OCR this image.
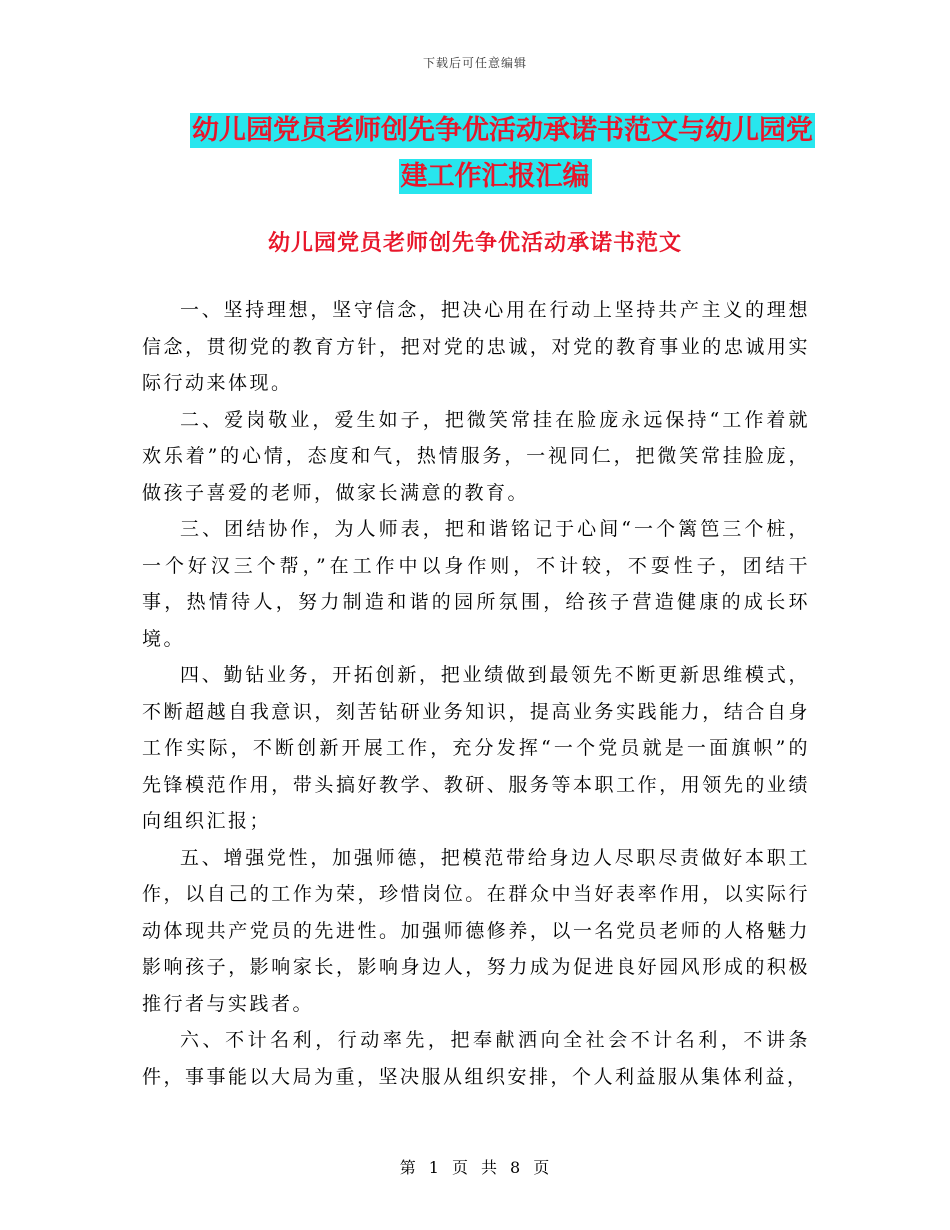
下载后可任意编辑
幼儿园党员老师创先争优活动承诺书范文与幼儿园党
建工作汇报汇编
幼儿园党员老师创先争优活动承诺书范文

一、坚持理想，坚守信念，把决心用在行动上坚持共产主义的理想信念，贯彻党的教育方针，把对党的忠诚，对党的教育事业的忠诚用实际行动来体现。

二、爱岗敬业，爱生如子，把微笑常挂在脸庞永远保持“工作着就欢乐着”的心情，态度和气，热情服务，一视同仁，把微笑常挂脸庞，做孩子喜爱的老师，做家长满意的教育。

三、团结协作，为人师表，把和谐铭记于心间“一个篱笆三个桩，一个好汉三个帮，”在工作中以身作则，不计较，不耍性子，团结干事，热情待人，努力制造和谐的园所氛围，给孩子营造健康的成长环境。

四、勤钻业务，开拓创新，把业绩做到最领先不断更新思维模式，不断超越自我意识，刻苦钻研业务知识，提高业务实践能力，结合自身工作实际，不断创新开展工作，充分发挥“一个党员就是一面旗帜”的先锋模范作用，带头搞好教学、教研、服务等本职工作，用领先的业绩向组织汇报；

五、增强党性，加强师德，把模范带给身边人尽职尽责做好本职工作，以自己的工作为荣，珍惜岗位。在群众中当好表率作用，以实际行动体现共产党员的先进性。加强师德修养，以一名党员老师的人格魅力影响孩子，影响家长，影响身边人，努力成为促进良好园风形成的积极推行者与实践者。

六、不计名利，行动率先，把奉献洒向全社会不计名利，不讲条件，事事能以大局为重，坚决服从组织安排，个人利益服从集体利益，

第 1 页 共 8 页
